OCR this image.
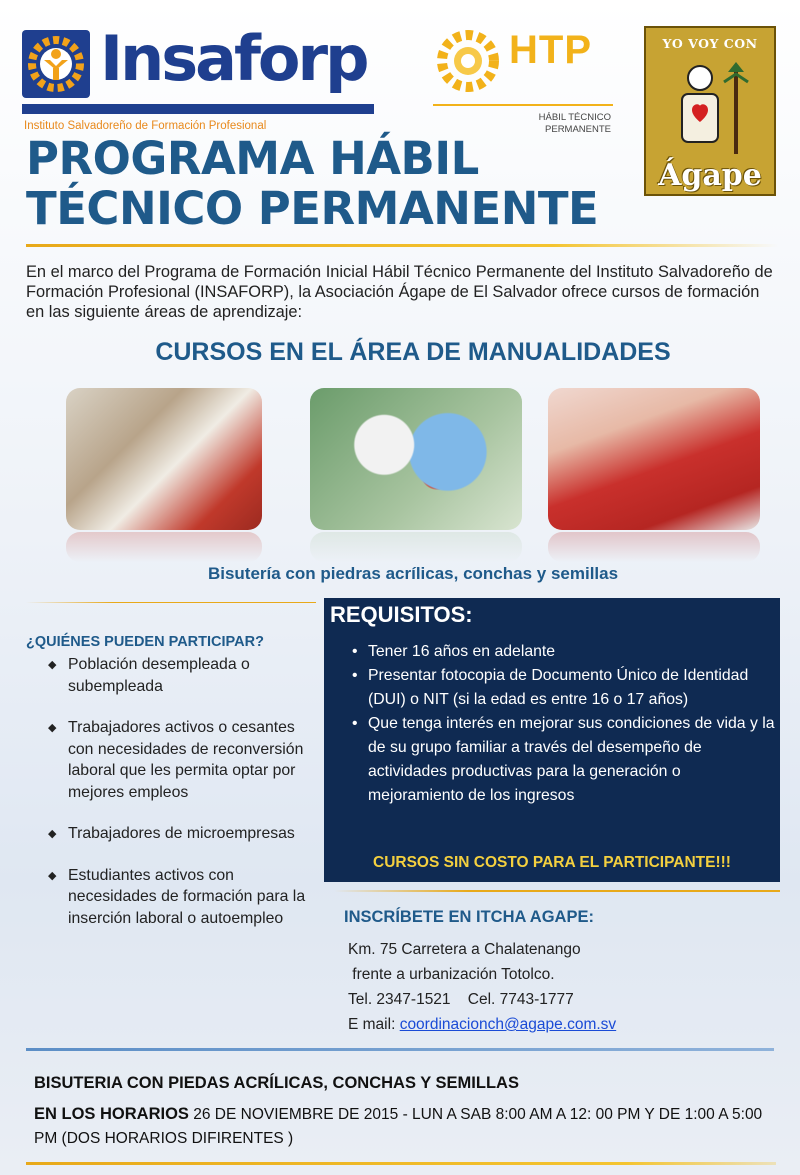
Insaforp
Instituto Salvadoreño de Formación Profesional
HTP
HÁBIL TÉCNICO
PERMANENTE
YO VOY CON
Ágape
PROGRAMA HÁBIL
TÉCNICO PERMANENTE
En el marco del Programa de Formación Inicial Hábil Técnico Permanente del Instituto Salvadoreño de Formación Profesional (INSAFORP), la Asociación Ágape de El Salvador ofrece cursos de formación en las siguiente áreas de aprendizaje:
CURSOS EN EL ÁREA DE MANUALIDADES
Bisutería con piedras acrílicas, conchas y semillas
¿QUIÉNES PUEDEN PARTICIPAR?
◆ Población desempleada o subempleada
◆ Trabajadores activos o cesantes con necesidades de reconversión laboral que les permita optar por mejores empleos
◆ Trabajadores de microempresas
◆ Estudiantes activos con necesidades de formación para la inserción laboral o autoempleo
REQUISITOS:
• Tener 16 años en adelante
• Presentar fotocopia de Documento Único de Identidad (DUI) o NIT (si la edad es entre 16 o 17 años)
• Que tenga interés en mejorar sus condiciones de vida y la de su grupo familiar a través del desempeño de actividades productivas para la generación o mejoramiento de los ingresos
CURSOS SIN COSTO PARA EL PARTICIPANTE!!!
INSCRÍBETE EN ITCHA AGAPE:
Km. 75 Carretera a Chalatenango
frente a urbanización Totolco.
Tel. 2347-1521    Cel. 7743-1777
E mail: coordinacionch@agape.com.sv
BISUTERIA CON PIEDAS ACRÍLICAS, CONCHAS Y SEMILLAS
EN LOS HORARIOS 26 DE NOVIEMBRE DE 2015 - LUN A SAB 8:00 AM A 12: 00 PM Y DE 1:00 A 5:00 PM (DOS HORARIOS DIFIRENTES )
